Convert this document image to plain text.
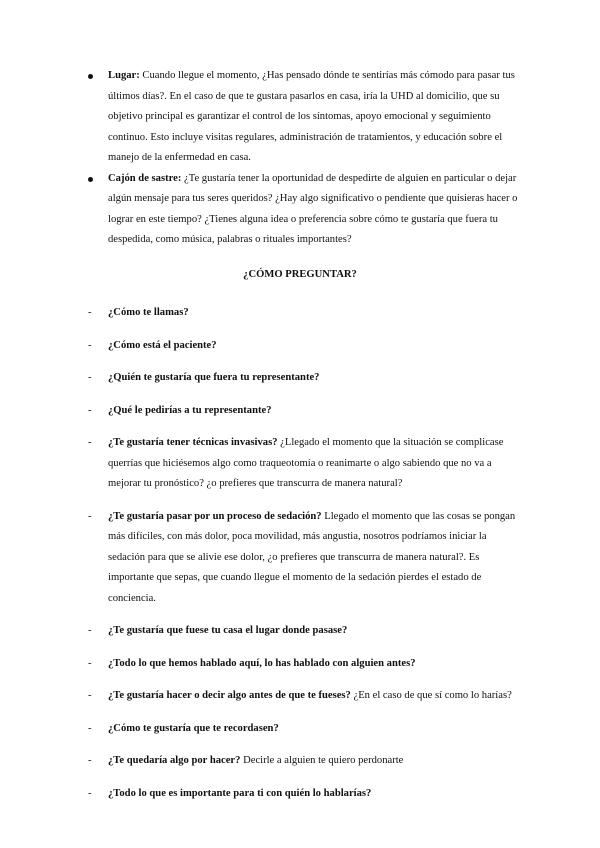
Lugar: Cuando llegue el momento, ¿Has pensado dónde te sentirías más cómodo para pasar tus últimos días?. En el caso de que te gustara pasarlos en casa, iría la UHD al domicilio, que su objetivo principal es garantizar el control de los síntomas, apoyo emocional y seguimiento continuo. Esto incluye visitas regulares, administración de tratamientos, y educación sobre el manejo de la enfermedad en casa.
Cajón de sastre: ¿Te gustaría tener la oportunidad de despedirte de alguien en particular o dejar algún mensaje para tus seres queridos? ¿Hay algo significativo o pendiente que quisieras hacer o lograr en este tiempo? ¿Tienes alguna idea o preferencia sobre cómo te gustaría que fuera tu despedida, como música, palabras o rituales importantes?
¿CÓMO PREGUNTAR?
- ¿Cómo te llamas?
- ¿Cómo está el paciente?
- ¿Quién te gustaría que fuera tu representante?
- ¿Qué le pedirías a tu representante?
- ¿Te gustaría tener técnicas invasivas? ¿Llegado el momento que la situación se complicase querrías que hiciésemos algo como traqueotomía o reanimarte o algo sabiendo que no va a mejorar tu pronóstico? ¿o prefieres que transcurra de manera natural?
- ¿Te gustaría pasar por un proceso de sedación? Llegado el momento que las cosas se pongan más difíciles, con más dolor, poca movilidad, más angustia, nosotros podríamos iniciar la sedación para que se alivie ese dolor, ¿o prefieres que transcurra de manera natural?. Es importante que sepas, que cuando llegue el momento de la sedación pierdes el estado de conciencia.
- ¿Te gustaría que fuese tu casa el lugar donde pasase?
- ¿Todo lo que hemos hablado aquí, lo has hablado con alguien antes?
- ¿Te gustaría hacer o decir algo antes de que te fueses? ¿En el caso de que sí como lo harías?
- ¿Cómo te gustaría que te recordasen?
- ¿Te quedaría algo por hacer? Decirle a alguien te quiero perdonarte
- ¿Todo lo que es importante para ti con quién lo hablarías?
